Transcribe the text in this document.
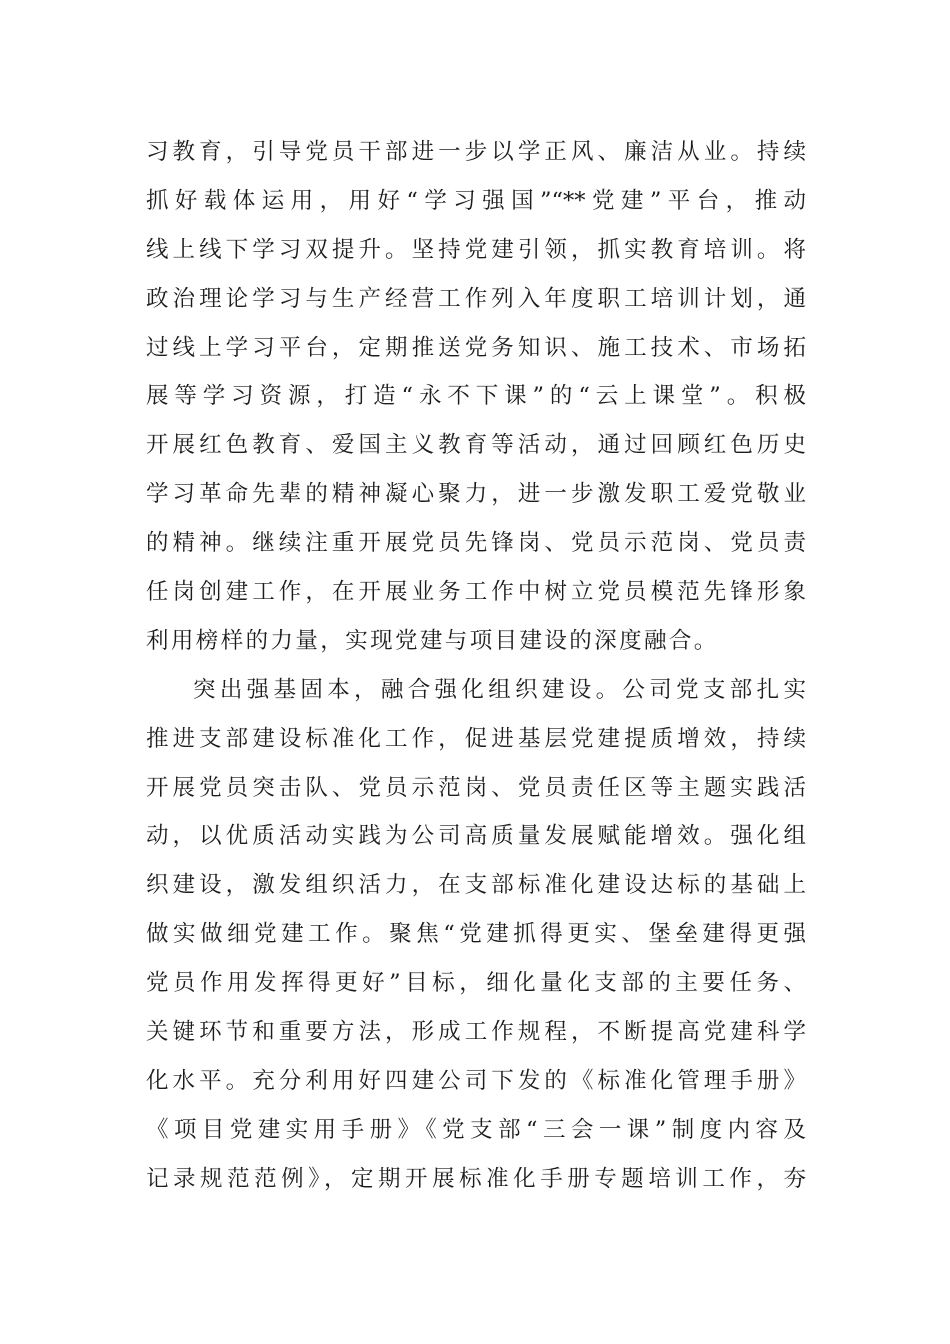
习教育，引导党员干部进一步以学正风、廉洁从业。持续
抓好载体运用，用好“学习强国”“**党建”平台，推动
线上线下学习双提升。坚持党建引领，抓实教育培训。将
政治理论学习与生产经营工作列入年度职工培训计划，通
过线上学习平台，定期推送党务知识、施工技术、市场拓
展等学习资源，打造“永不下课”的“云上课堂”。积极
开展红色教育、爱国主义教育等活动，通过回顾红色历史
学习革命先辈的精神凝心聚力，进一步激发职工爱党敬业
的精神。继续注重开展党员先锋岗、党员示范岗、党员责
任岗创建工作，在开展业务工作中树立党员模范先锋形象
利用榜样的力量，实现党建与项目建设的深度融合。
突出强基固本，融合强化组织建设。公司党支部扎实
推进支部建设标准化工作，促进基层党建提质增效，持续
开展党员突击队、党员示范岗、党员责任区等主题实践活
动，以优质活动实践为公司高质量发展赋能增效。强化组
织建设，激发组织活力，在支部标准化建设达标的基础上
做实做细党建工作。聚焦“党建抓得更实、堡垒建得更强
党员作用发挥得更好”目标，细化量化支部的主要任务、
关键环节和重要方法，形成工作规程，不断提高党建科学
化水平。充分利用好四建公司下发的《标准化管理手册》
《项目党建实用手册》《党支部“三会一课”制度内容及
记录规范范例》，定期开展标准化手册专题培训工作，夯
